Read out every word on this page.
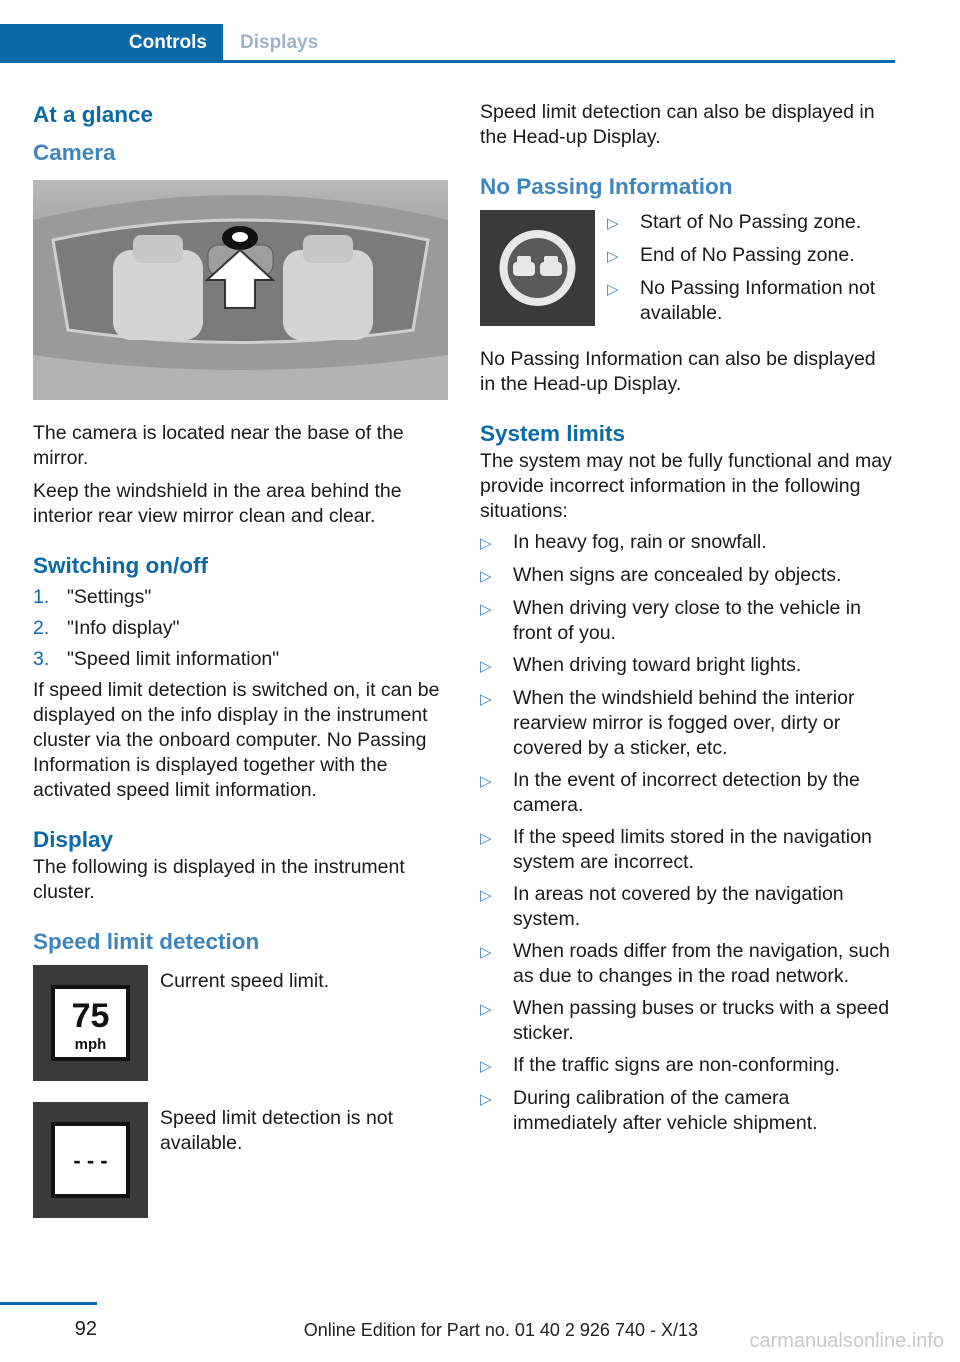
Controls	Displays
At a glance
Camera

The camera is located near the base of the mirror.

Keep the windshield in the area behind the interior rear view mirror clean and clear.

Switching on/off
1. "Settings"
2. "Info display"
3. "Speed limit information"

If speed limit detection is switched on, it can be displayed on the info display in the instrument cluster via the onboard computer. No Passing Information is displayed together with the activated speed limit information.

Display

The following is displayed in the instrument cluster.

Speed limit detection
75
mph
Current speed limit.
- - -
Speed limit detection is not available.

Speed limit detection can also be displayed in the Head-up Display.

No Passing Information
▷	Start of No Passing zone.
▷	End of No Passing zone.
▷	No Passing Information not available.

No Passing Information can also be displayed in the Head-up Display.

System limits

The system may not be fully functional and may provide incorrect information in the following situations:

▷	In heavy fog, rain or snowfall.
▷	When signs are concealed by objects.
▷	When driving very close to the vehicle in front of you.
▷	When driving toward bright lights.
▷	When the windshield behind the interior rearview mirror is fogged over, dirty or covered by a sticker, etc.
▷	In the event of incorrect detection by the camera.
▷	If the speed limits stored in the navigation system are incorrect.
▷	In areas not covered by the navigation system.
▷	When roads differ from the navigation, such as due to changes in the road network.
▷	When passing buses or trucks with a speed sticker.
▷	If the traffic signs are non-conforming.
▷	During calibration of the camera immediately after vehicle shipment.
92	Online Edition for Part no. 01 40 2 926 740 - X/13	carmanualsonline.info
